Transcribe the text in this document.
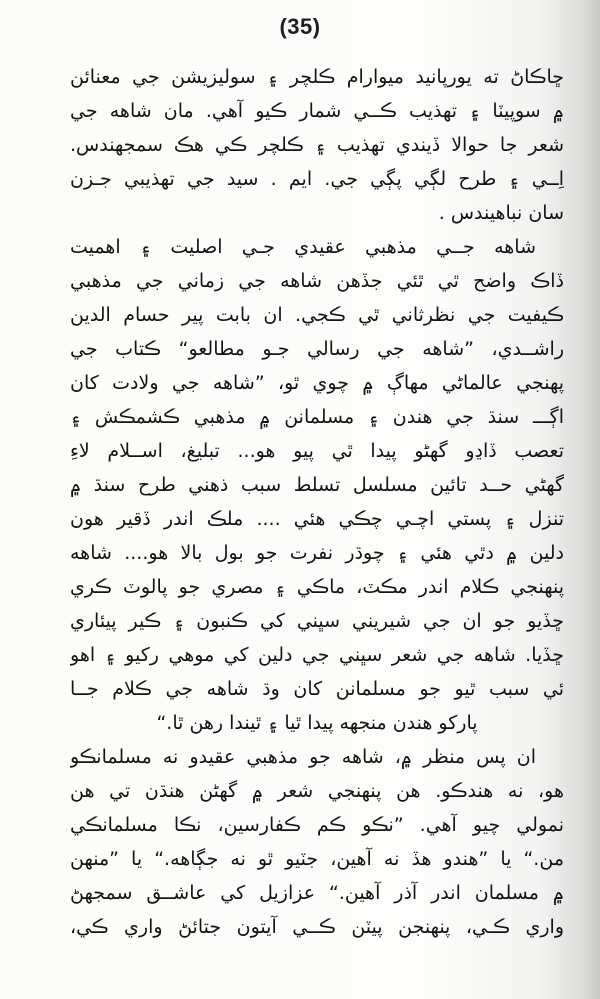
(35)
ڇاڪاڻ ته يورپانيد ميوارام ڪلچر ۽ سوليزيشن جي معنائن
۾ سوپيٽا ۽ تهذيب ڪــي شمار ڪيو آهي. مان شاهه جي
شعر جا حوالا ڏيندي تهذيب ۽ ڪلچر ڪي هڪ سمجهندس.
اِــي ۽ طرح لڳي پڳي جي. ايم . سيد جي تهذيبي جـزن
سان نباهيندس .
شاهه جــي مذهبي عقيدي جـي اصليت ۽ اهميت
ڏاڪ واضح ٿي ٿئي جڏهن شاهه جي زماني جي مذهبي
ڪيفيت جي نظرثاني ٿي ڪجي. ان بابت پير حسام الدين
راشــدي، ”شاهه جي رسالي جـو مطالعو“ ڪتاب جي
پهنجي عالماڻي مهاڳ ۾ چوي ٿو، ”شاهه جي ولادت کان
اڳـــ سنڌ جي هندن ۽ مسلمانن ۾ مذهبي ڪشمڪش ۽
تعصب ڏاڍو گهڻو پيدا ٿي پيو هو... تبليغ، اســلام لاءِ
گهڻي حــد تائين مسلسل تسلط سبب ذهني طرح سنڌ ۾
تنزل ۽ پستي اچـي چڪي هئي .... ملڪ اندر ڏقير هون
دلين ۾ دٿي هئي ۽ چوڌر نفرت جو بول بالا هو.... شاهه
پنهنجي ڪلام اندر مڪٽ، ماڪي ۽ مصري جو پالوٽ ڪري
ڇڏيو جو ان جي شيريني سڀني کي ڪنبون ۽ ڪير پيئاري
ڇڏيا. شاهه جي شعر سڀني جي دلين کي موهي رکيو ۽ اهو
ئي سبب ٿيو جو مسلمانن کان وڌ شاهه جي ڪلام جــا
پارکو هندن منجهه پيدا ٿيا ۽ ٿيندا رهن ٿا.“
ان پس منظر ۾، شاهه جو مذهبي عقيدو نه مسلمانڪو
هو، نه هندڪو. هن پنهنجي شعر ۾ گهڻن هنڌن تي هن
نمولي چيو آهي. ”نڪو ڪم ڪفارسين، نڪا مسلمانڪي
من.“ يا ”هندو هڏ نه آهين، جٽيو ٿو نه جڳاهه.“ يا ”منهن
۾ مسلمان اندر آذر آهين.“ عزازيل کي عاشــق سمجهڻ
واري ڪـي، پنهنجن پيٽن ڪــي آيتون جتائڻ واري ڪي،
